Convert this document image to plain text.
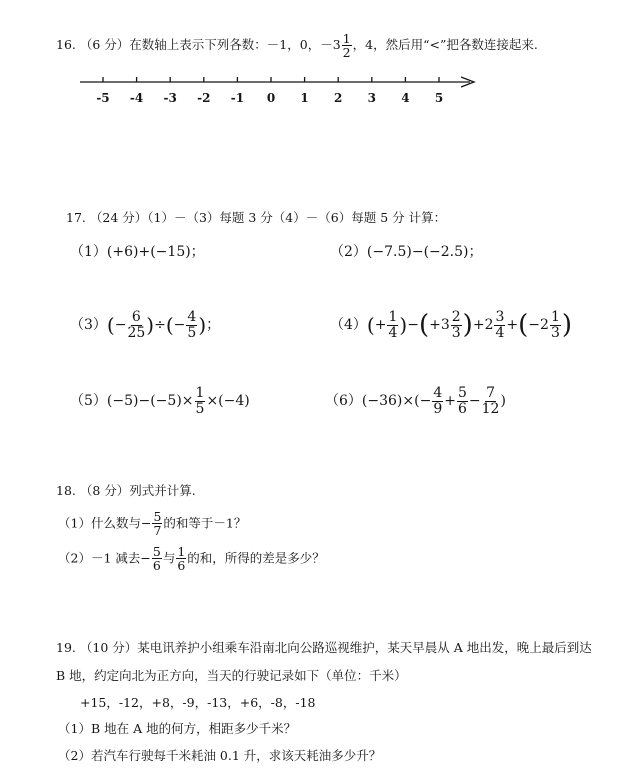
16. （6 分）在数轴上表示下列各数：－1，0，$-3 \frac{1}{2}$ ，4，然后用“<”把各数连接起来.
-5 -4 -3 -2 -1 0 1 2 3 4 5
17. （24 分）（1）－（3）每题 3 分（4）－（6）每题 5 分 计算：
（1）(+6)+(−15)；	（2）(−7.5)−(−2.5)；
$(3)(- \frac{6}{25}$ )÷(− $\frac{4}{5}$ )；	$(4)(+ \frac{1}{4} )-(+3 \frac{2}{3} )+2 \frac{3}{4} +(-2 \frac{1}{3}$ )
$(5)(-5)-(-5)\times \frac{1}{5} \times(-4)$	$(6)(-36)\times(- \frac{4}{9} + \frac{5}{6} - \frac{7}{12}$ )
18. （8 分）列式并计算.
（1）什么数与− $\frac{5}{7}$ 的和等于－1？
（2）－1 减去− $\frac{5}{6}$ 与 $\frac{1}{6}$ 的和，所得的差是多少？
19. （10 分）某电讯养护小组乘车沿南北向公路巡视维护，某天早晨从 A 地出发，晚上最后到达
B 地，约定向北为正方向，当天的行驶记录如下（单位：千米）
+15，-12，+8，-9，-13，+6，-8，-18
（1）B 地在 A 地的何方，相距多少千米？
（2）若汽车行驶每千米耗油 0.1 升，求该天耗油多少升？
